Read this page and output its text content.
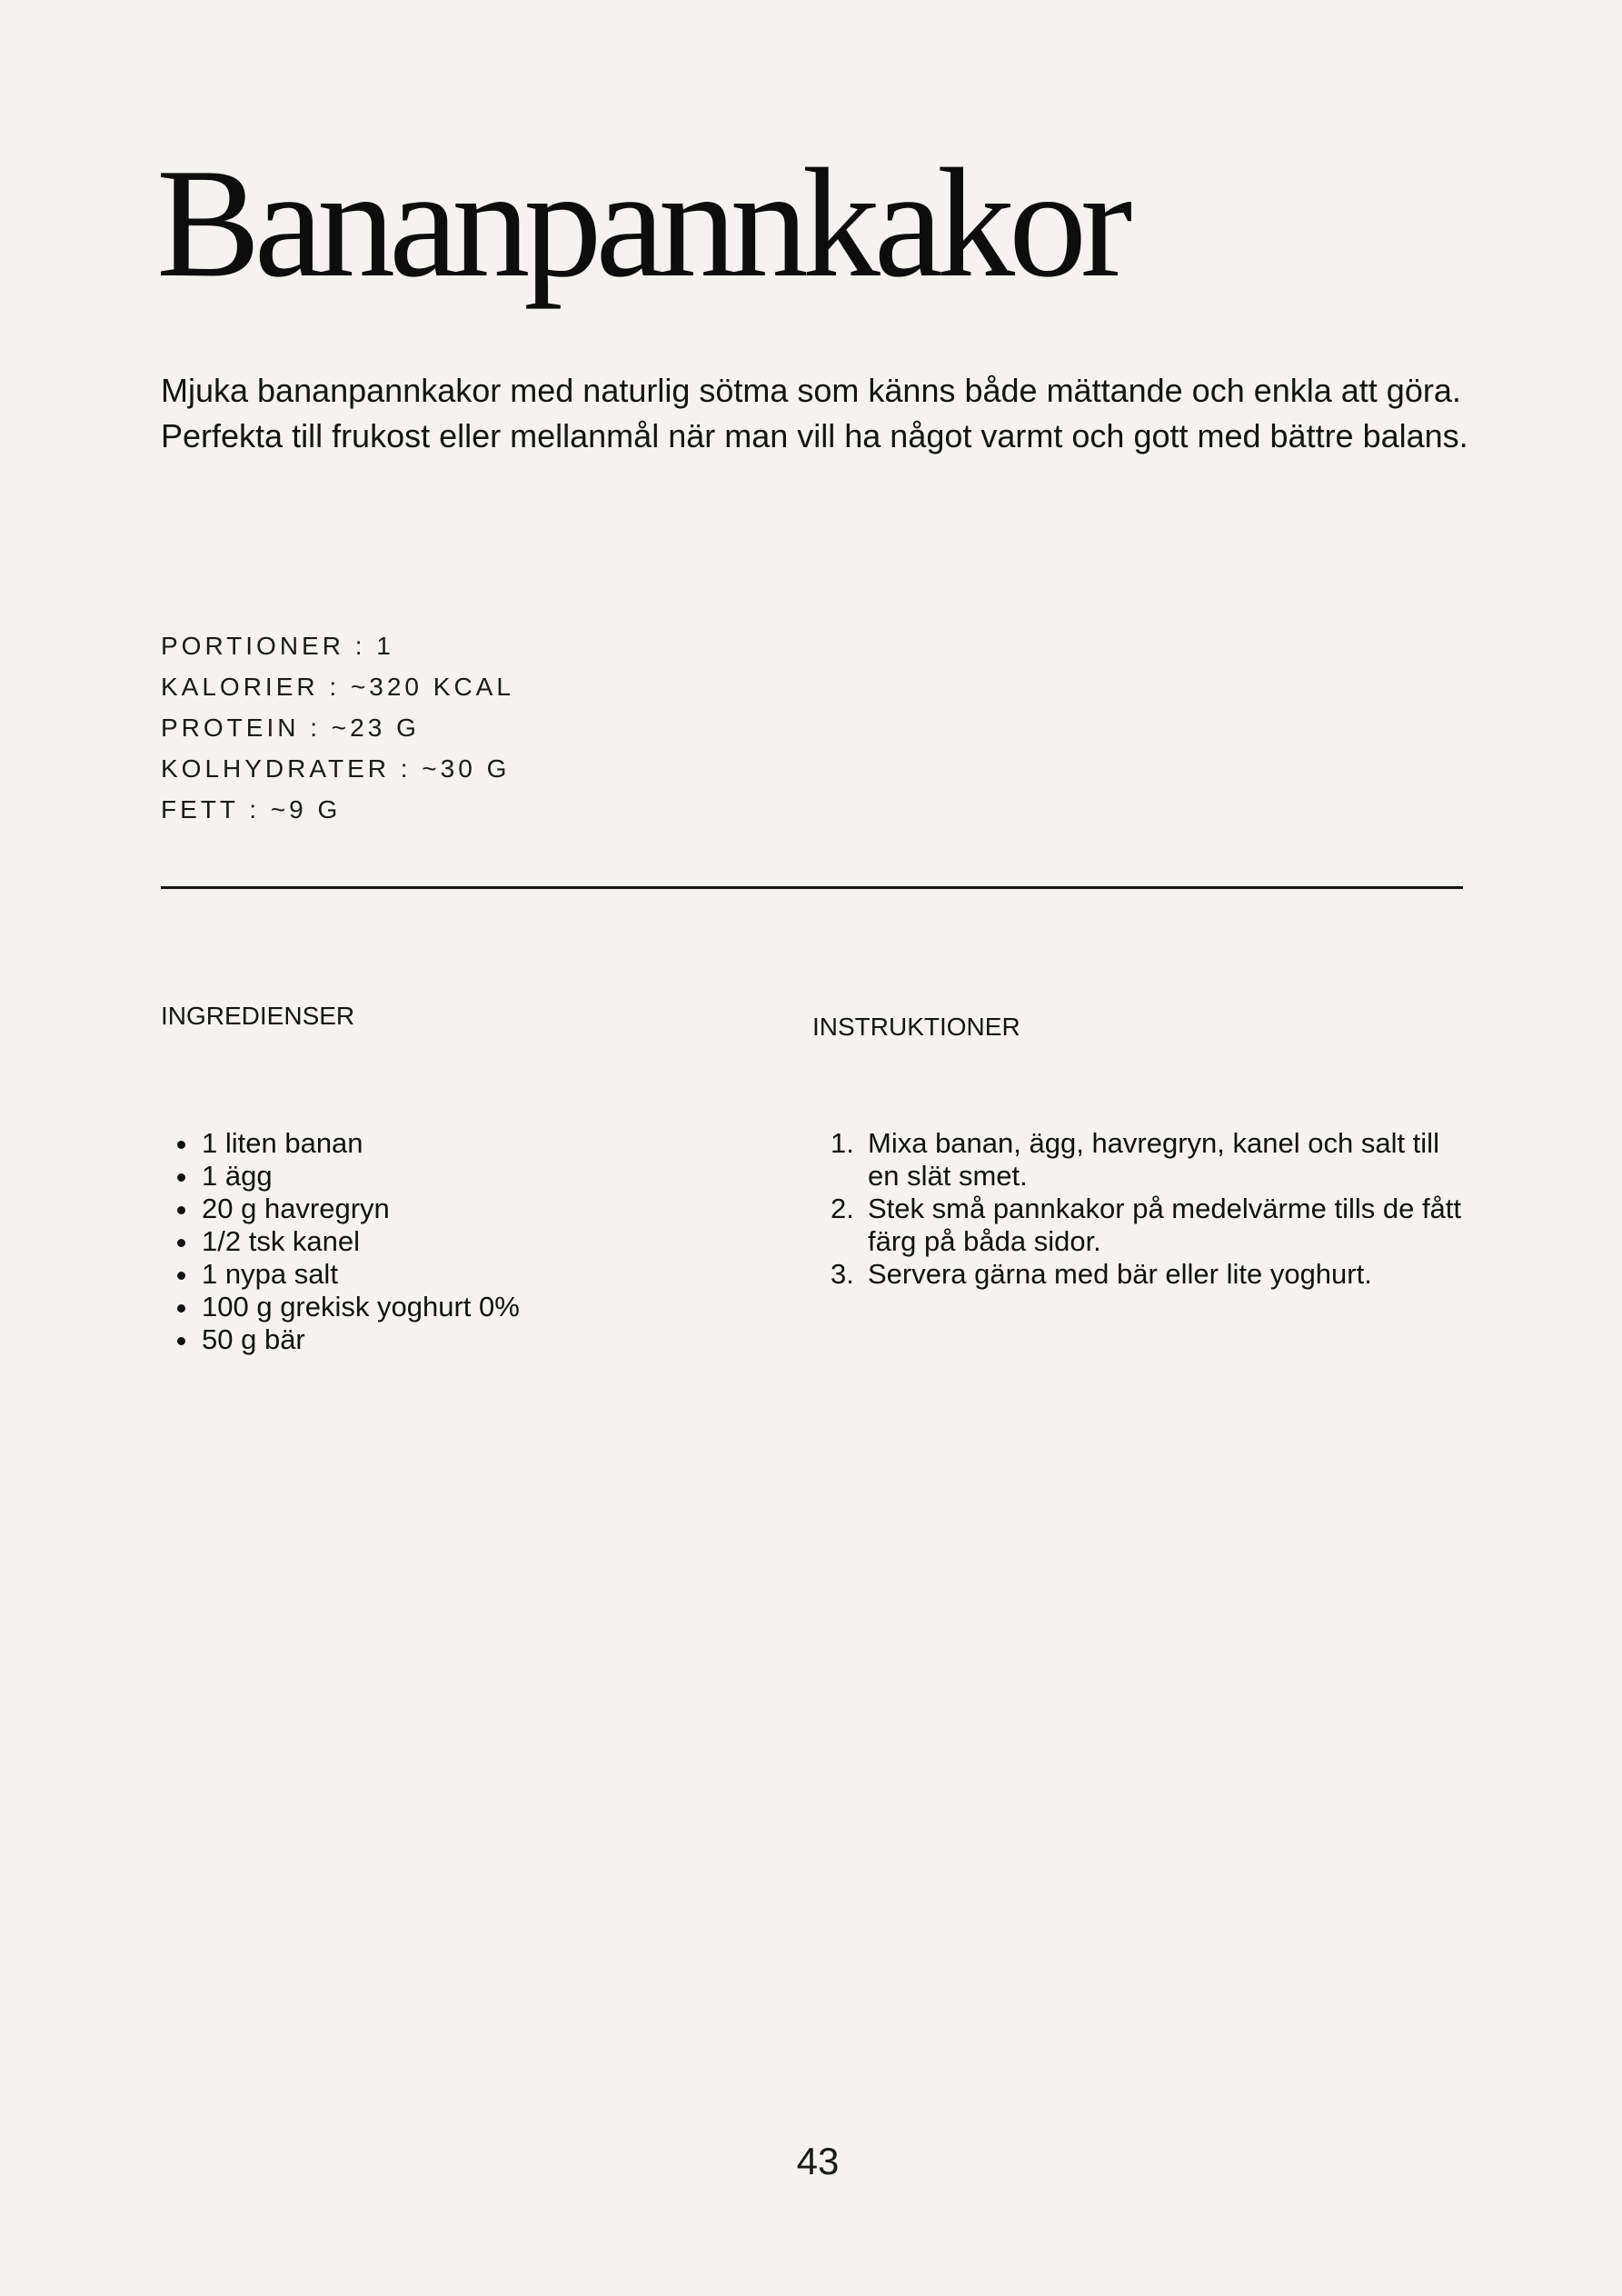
Bananpannkakor

Mjuka bananpannkakor med naturlig sötma som känns både mättande och enkla att göra. Perfekta till frukost eller mellanmål när man vill ha något varmt och gott med bättre balans.

PORTIONER : 1
KALORIER : ~320 KCAL
PROTEIN : ~23 G
KOLHYDRATER : ~30 G
FETT : ~9 G
INGREDIENSER	INSTRUKTIONER
1 liten banan
1 ägg
20 g havregryn
1/2 tsk kanel
1 nypa salt
100 g grekisk yoghurt 0%
50 g bär
1. Mixa banan, ägg, havregryn, kanel och salt till en slät smet.
2. Stek små pannkakor på medelvärme tills de fått färg på båda sidor.
3. Servera gärna med bär eller lite yoghurt.

43
